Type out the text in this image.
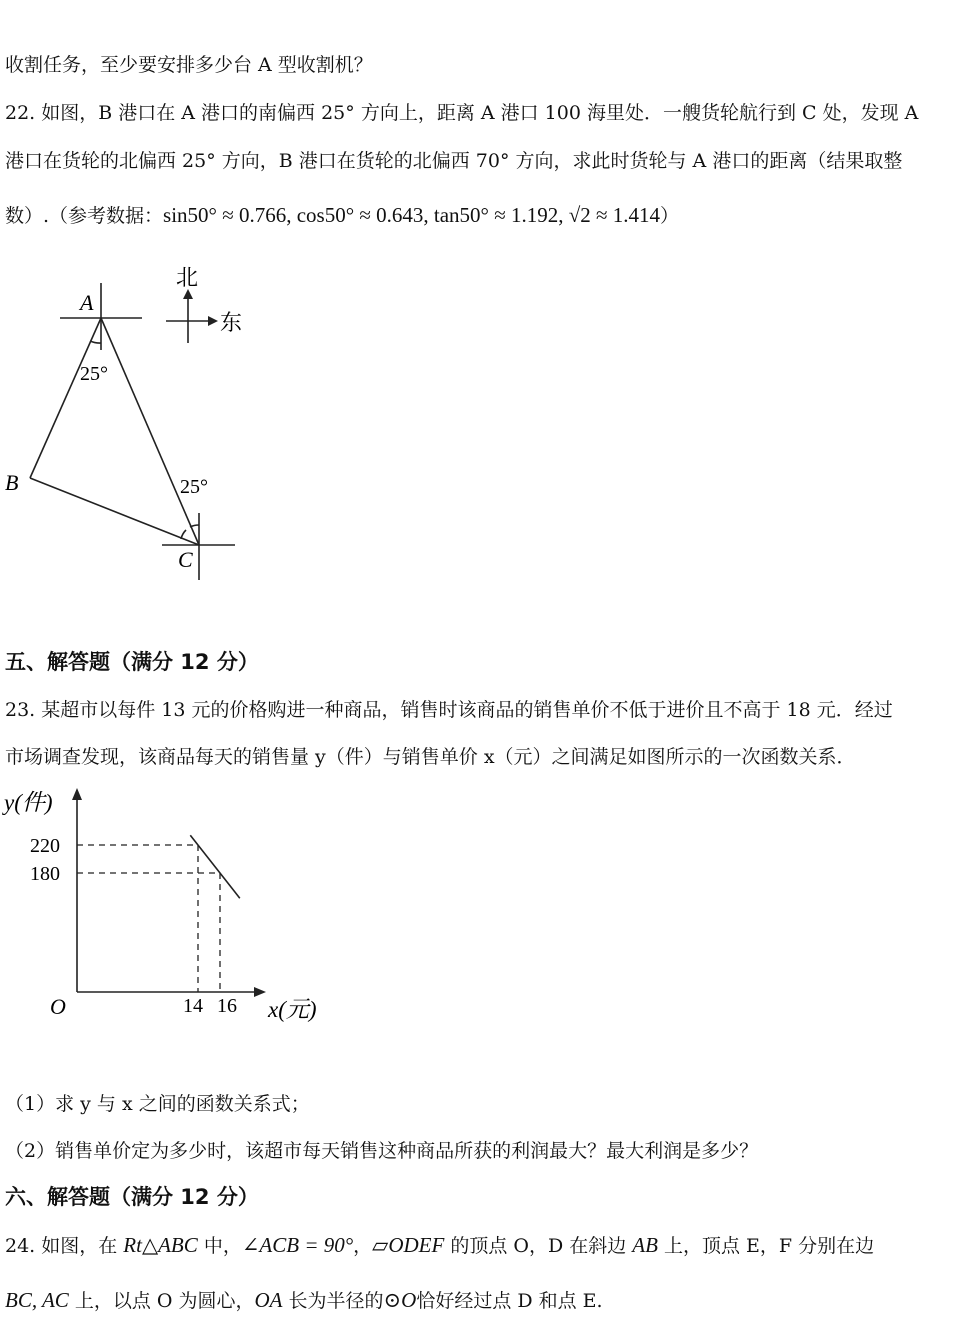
收割任务，至少要安排多少台 A 型收割机？
22. 如图，B 港口在 A 港口的南偏西 25° 方向上，距离 A 港口 100 海里处．一艘货轮航行到 C 处，发现 A
港口在货轮的北偏西 25° 方向，B 港口在货轮的北偏西 70° 方向，求此时货轮与 A 港口的距离（结果取整
数）.（参考数据：sin50° ≈ 0.766, cos50° ≈ 0.643, tan50° ≈ 1.192, √2 ≈ 1.414）
北
东
A
B
C
25°
25°
五、解答题（满分 12 分）
23. 某超市以每件 13 元的价格购进一种商品，销售时该商品的销售单价不低于进价且不高于 18 元．经过
市场调查发现，该商品每天的销售量 y（件）与销售单价 x（元）之间满足如图所示的一次函数关系．
y(件)
x(元)
O
220
180
14 16
（1）求 y 与 x 之间的函数关系式；
（2）销售单价定为多少时，该超市每天销售这种商品所获的利润最大？最大利润是多少？
六、解答题（满分 12 分）
24. 如图，在 Rt△ABC 中，∠ACB = 90°，▱ODEF 的顶点 O，D 在斜边 AB 上，顶点 E，F 分别在边
BC, AC 上，以点 O 为圆心，OA 长为半径的⊙O恰好经过点 D 和点 E.
